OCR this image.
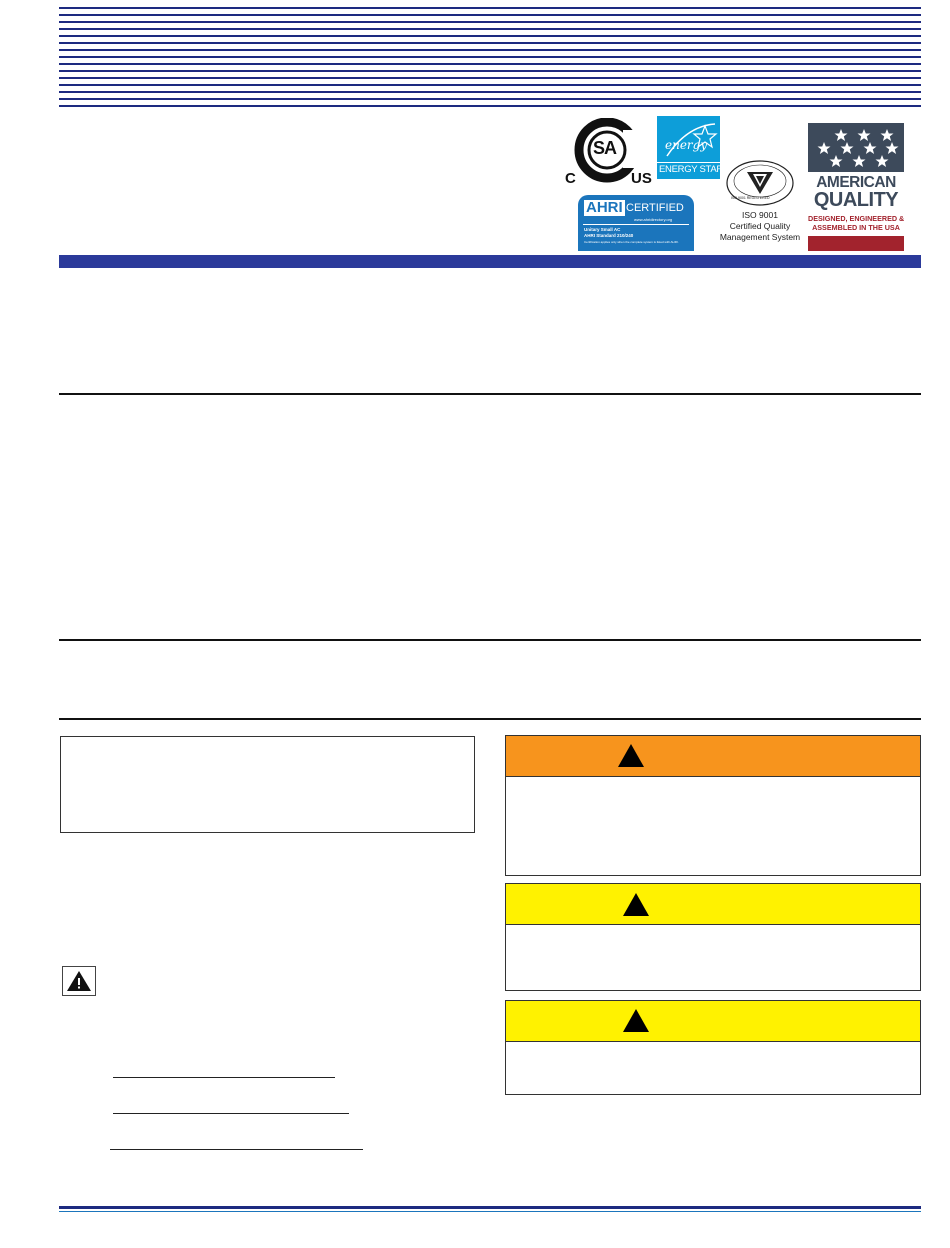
SA
C	US
energy
ENERGY STAR
AHRI CERTIFIED
www.ahridirectory.org
Unitary Small AC
AHRI Standard 210/240
Certification applies only when the complete system is listed with AHRI.
ISO 9001 REGISTERED
ISO 9001
Certified Quality
Management System
AMERICAN
QUALITY
DESIGNED, ENGINEERED &
ASSEMBLED IN THE USA
